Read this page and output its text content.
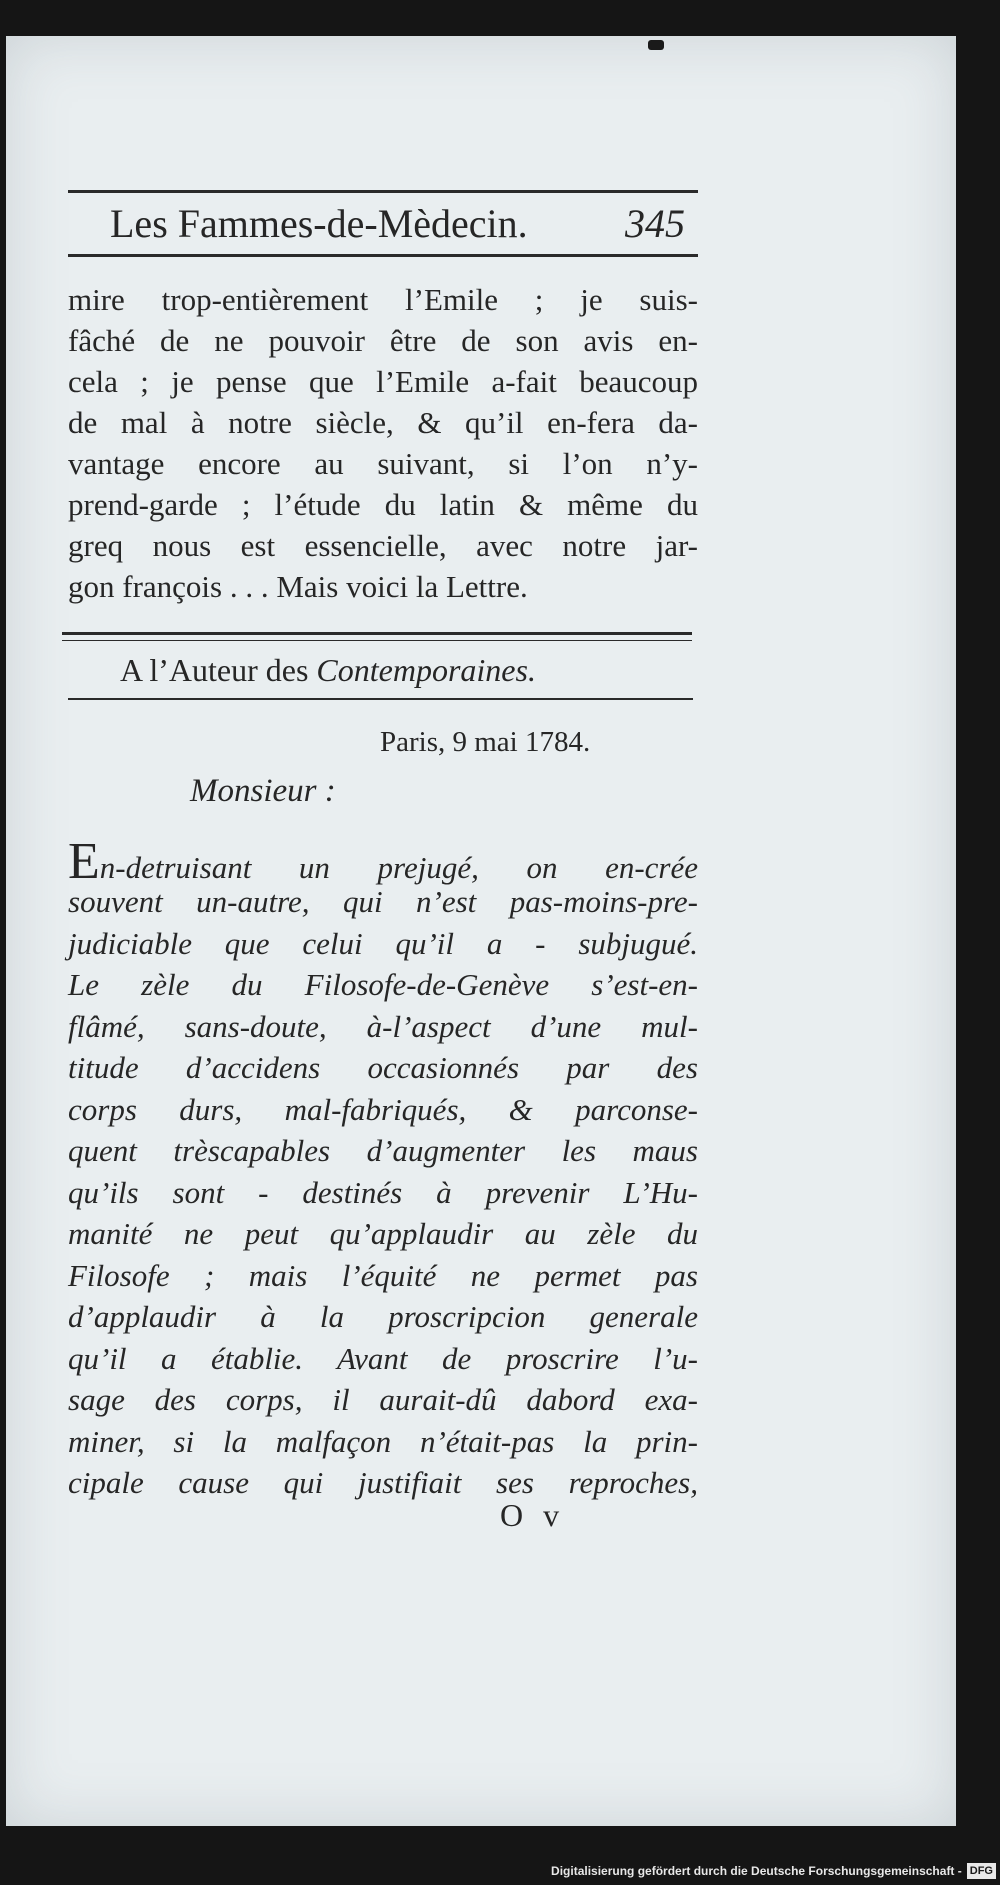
Les Fammes-de-Mèdecin. 345
mire trop-entièrement l’Emile ; je suis-
fâché de ne pouvoir être de son avis en-
cela ; je pense que l’Emile a-fait beaucoup
de mal à notre siècle, & qu’il en-fera da-
vantage encore au suivant, si l’on n’y-
prend-garde ; l’étude du latin & même du
greq nous est essencielle, avec notre jar-
gon françois . . . Mais voici la Lettre.
A l’Auteur des Contemporaines.
Paris, 9 mai 1784.
Monsieur :
En-detruisant un prejugé, on en-crée
souvent un-autre, qui n’est pas-moins-pre-
judiciable que celui qu’il a - subjugué.
Le zèle du Filosofe-de-Genève s’est-en-
flâmé, sans-doute, à-l’aspect d’une mul-
titude d’accidens occasionnés par des
corps durs, mal-fabriqués, & parconse-
quent trèscapables d’augmenter les maus
qu’ils sont - destinés à prevenir L’Hu-
manité ne peut qu’applaudir au zèle du
Filosofe ; mais l’équité ne permet pas
d’applaudir à la proscripcion generale
qu’il a établie. Avant de proscrire l’u-
sage des corps, il aurait-dû dabord exa-
miner, si la malfaçon n’était-pas la prin-
cipale cause qui justifiait ses reproches,
O v
Digitalisierung gefördert durch die Deutsche Forschungsgemeinschaft - DFG
